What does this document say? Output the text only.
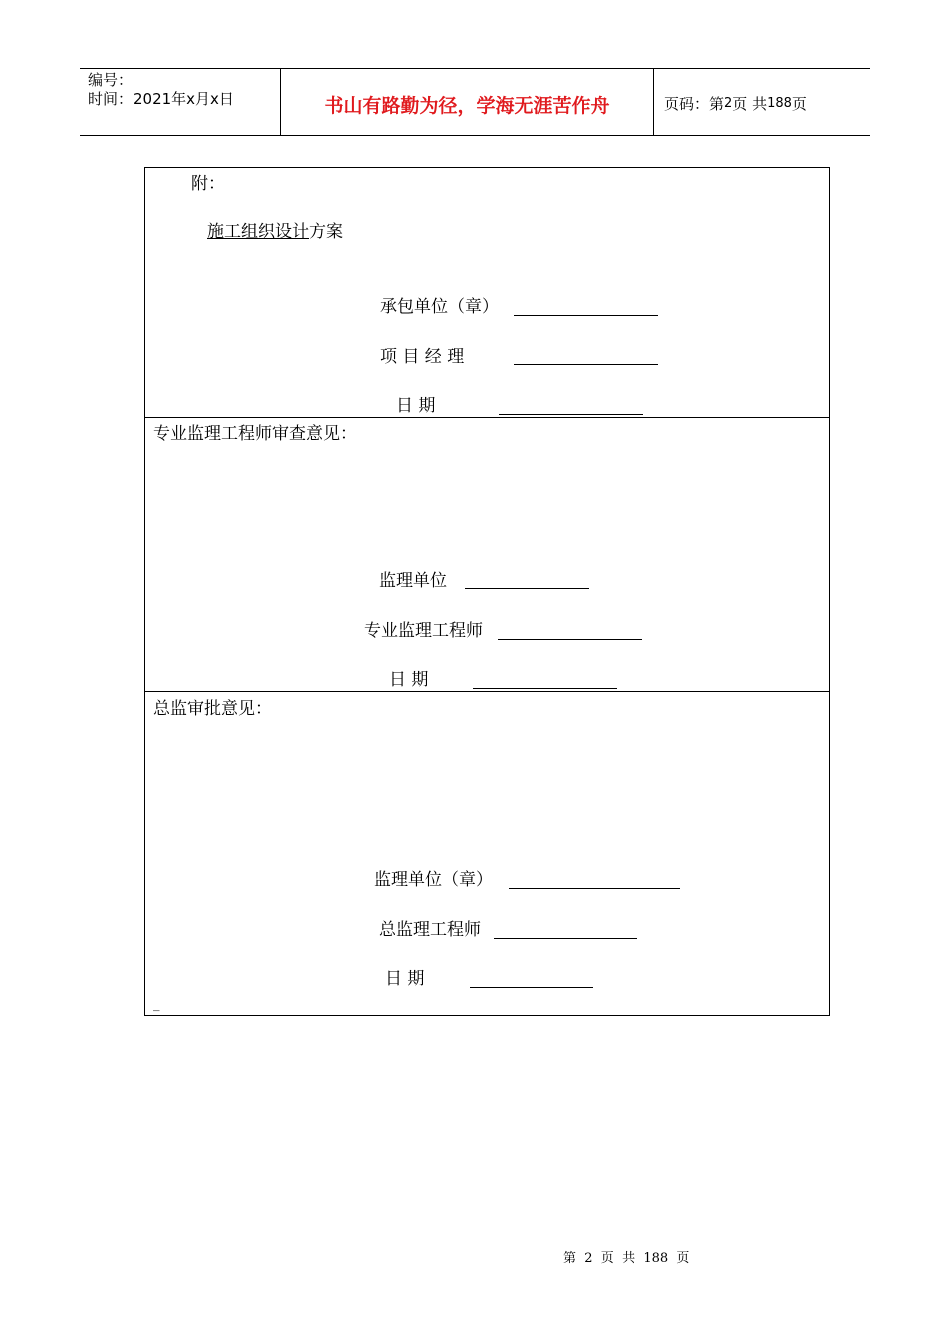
编号：
时间：2021年x月x日	书山有路勤为径，学海无涯苦作舟	页码：第 2 页 共 188 页
附：
施工组织设计方案
承包单位（章）
项 目 经 理
日 期
专业监理工程师审查意见：
监理单位
专业监理工程师
日 期
总监审批意见：
监理单位（章）
总监理工程师
日 期
_
第  2  页  共  188  页
